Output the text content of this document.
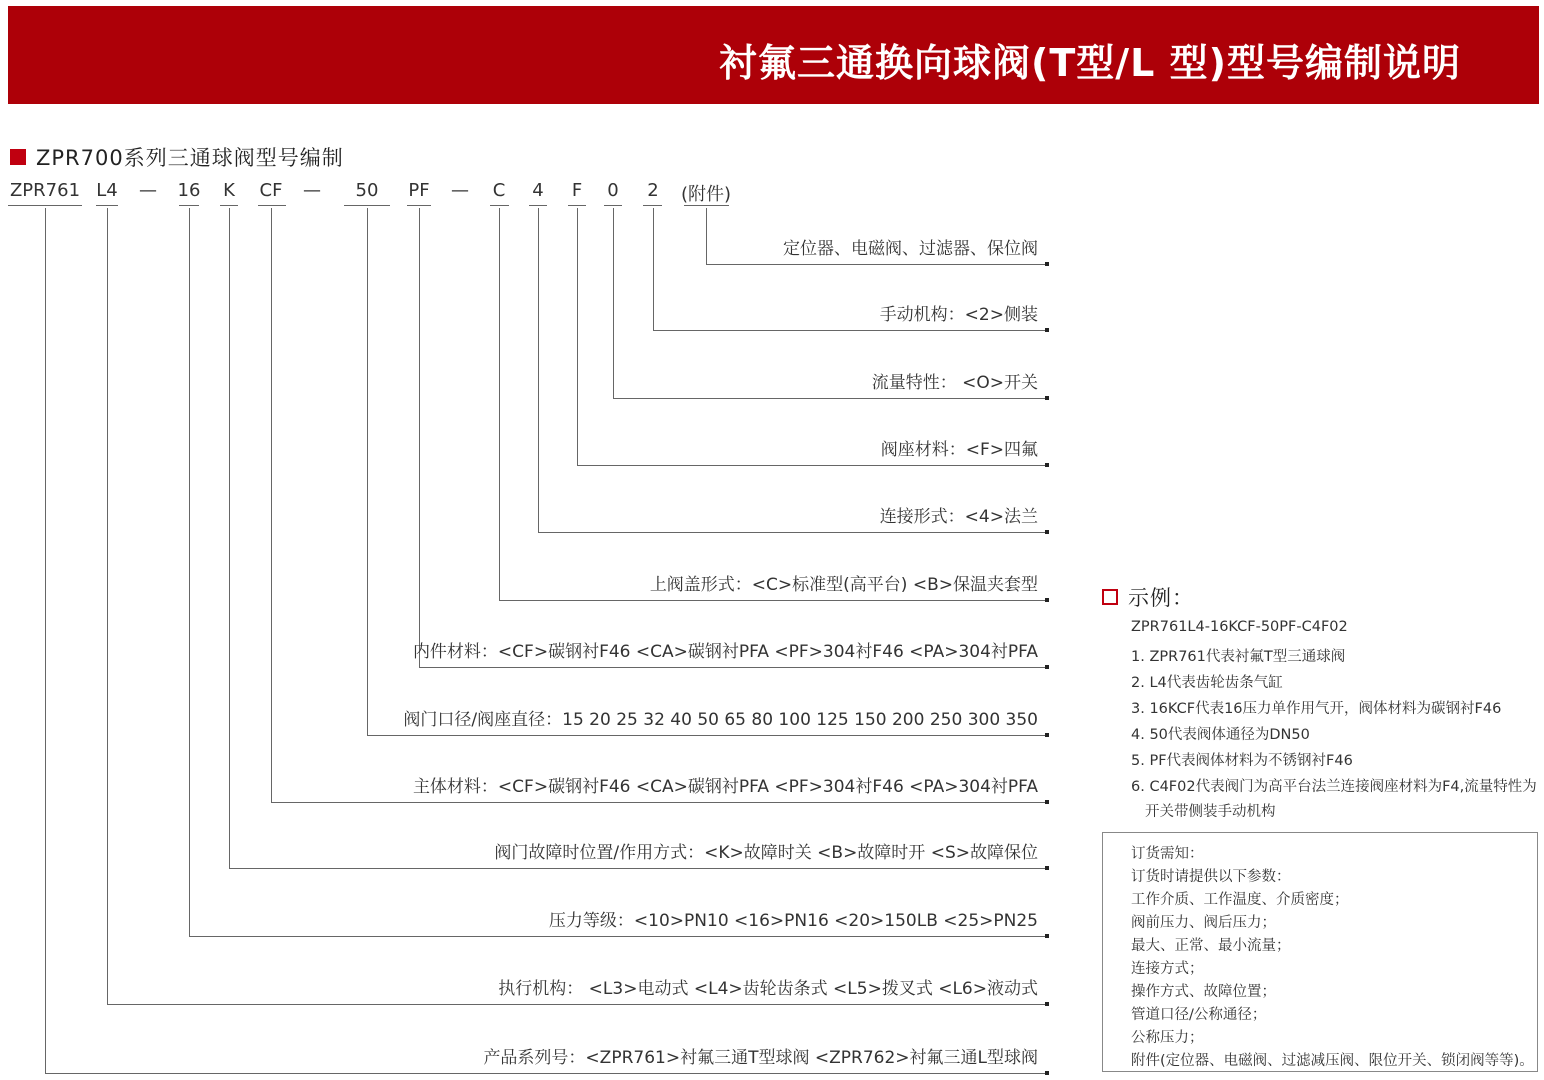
衬氟三通换向球阀(T型/L 型)型号编制说明
ZPR700系列三通球阀型号编制
ZPR761 L4 — 16 K CF — 50 PF — C 4 F 0 2 (附件)
定位器、电磁阀、过滤器、保位阀
手动机构：<2>侧装
流量特性： <O>开关
阀座材料：<F>四氟
连接形式：<4>法兰
上阀盖形式：<C>标准型(高平台) <B>保温夹套型
内件材料：<CF>碳钢衬F46 <CA>碳钢衬PFA <PF>304衬F46 <PA>304衬PFA
阀门口径/阀座直径：15 20 25 32 40 50 65 80 100 125 150 200 250 300 350
主体材料：<CF>碳钢衬F46 <CA>碳钢衬PFA <PF>304衬F46 <PA>304衬PFA
阀门故障时位置/作用方式：<K>故障时关 <B>故障时开 <S>故障保位
压力等级：<10>PN10 <16>PN16 <20>150LB <25>PN25
执行机构： <L3>电动式 <L4>齿轮齿条式 <L5>拨叉式 <L6>液动式
产品系列号：<ZPR761>衬氟三通T型球阀 <ZPR762>衬氟三通L型球阀
示例：
ZPR761L4-16KCF-50PF-C4F02
1. ZPR761代表衬氟T型三通球阀
2. L4代表齿轮齿条气缸
3. 16KCF代表16压力单作用气开，阀体材料为碳钢衬F46
4. 50代表阀体通径为DN50
5. PF代表阀体材料为不锈钢衬F46
6. C4F02代表阀门为高平台法兰连接阀座材料为F4,流量特性为
开关带侧装手动机构
订货需知：
订货时请提供以下参数：
工作介质、工作温度、介质密度；
阀前压力、阀后压力；
最大、正常、最小流量；
连接方式；
操作方式、故障位置；
管道口径/公称通径；
公称压力；
附件(定位器、电磁阀、过滤减压阀、限位开关、锁闭阀等等)。
